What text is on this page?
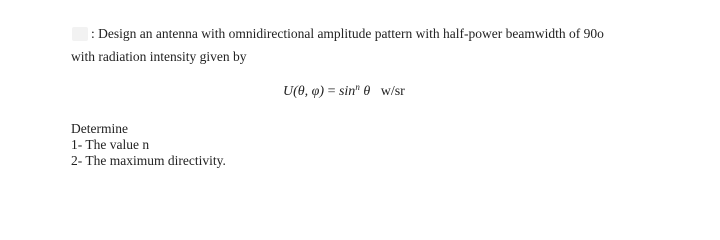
: Design an antenna with omnidirectional amplitude pattern with half-power beamwidth of 90o
with radiation intensity given by
U(θ, $\varphi) = \sin^n \theta$ w/sr
Determine
1- The value n
2- The maximum directivity.
